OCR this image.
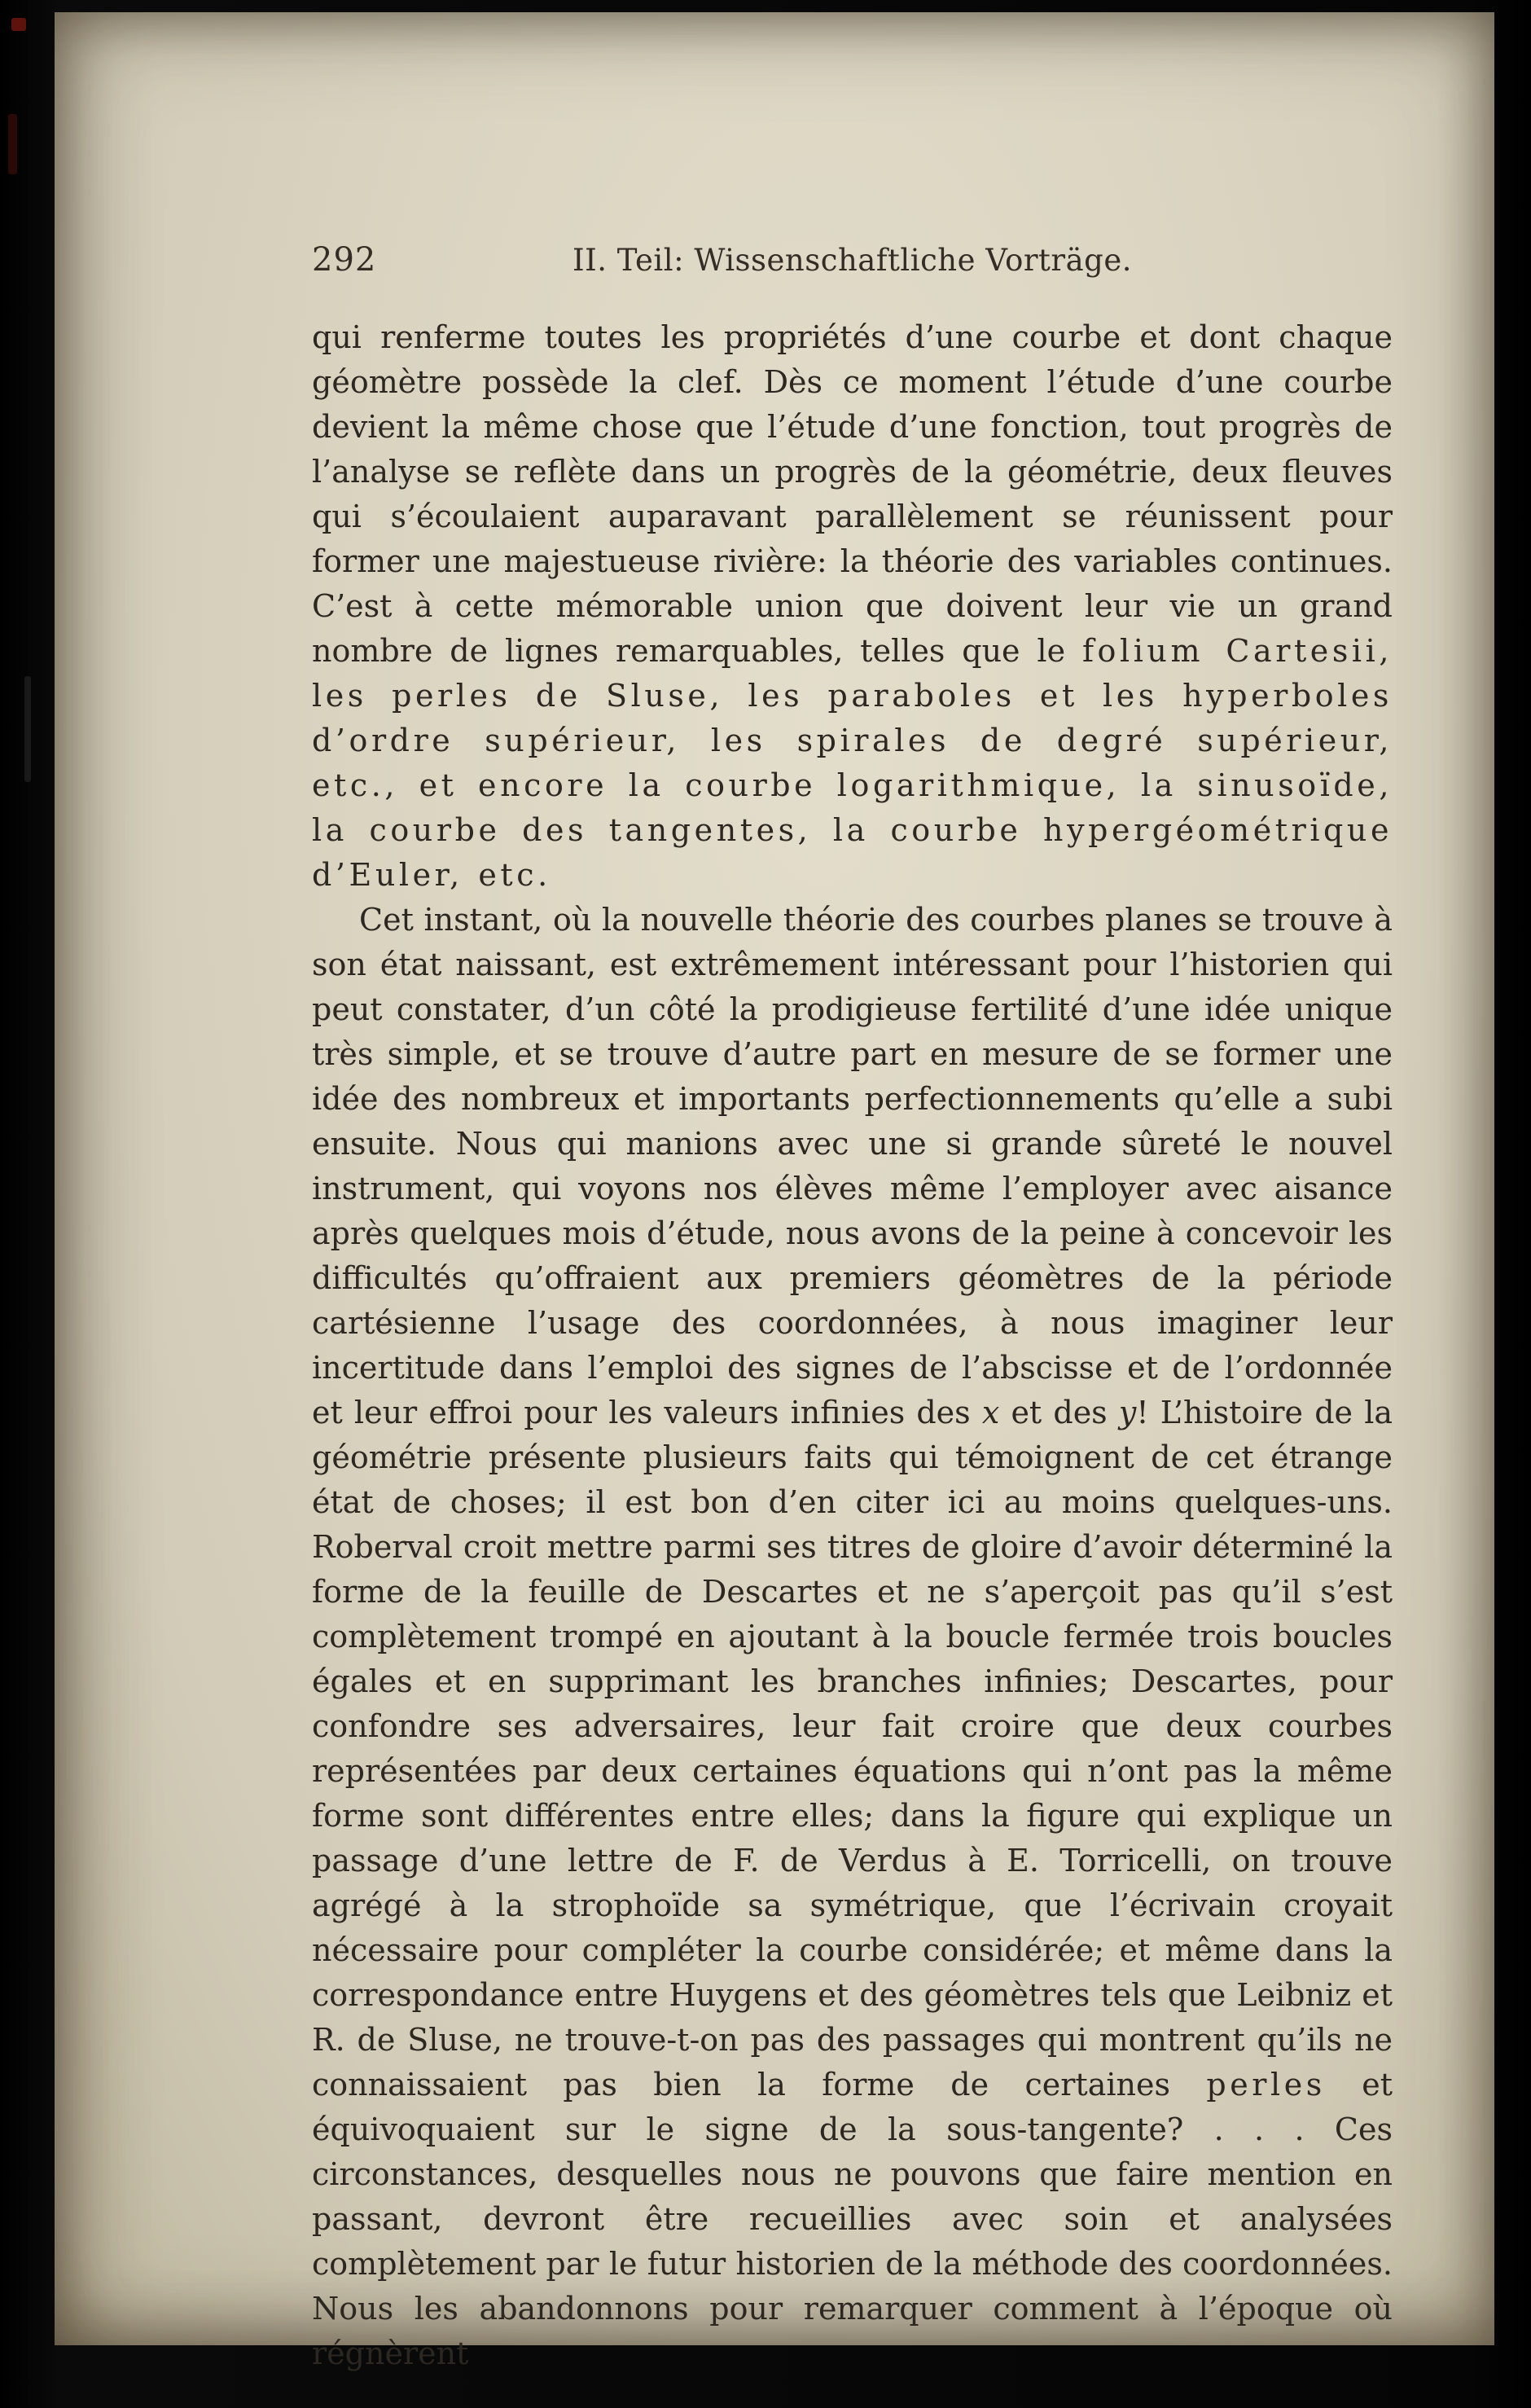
292	II. Teil: Wissenschaftliche Vorträge.

qui renferme toutes les propriétés d’une courbe et dont chaque géomètre possède la clef. Dès ce moment l’étude d’une courbe devient la même chose que l’étude d’une fonction, tout progrès de l’analyse se reflète dans un progrès de la géométrie, deux fleuves qui s’écoulaient auparavant parallèlement se réunissent pour former une majestueuse rivière: la théorie des variables continues. C’est à cette mémorable union que doivent leur vie un grand nombre de lignes remarquables, telles que le folium Cartesii, les perles de Sluse, les paraboles et les hyperboles d’ordre supérieur, les spirales de degré supérieur, etc., et encore la courbe logarithmique, la sinusoïde, la courbe des tangentes, la courbe hypergéométrique d’Euler, etc.

Cet instant, où la nouvelle théorie des courbes planes se trouve à son état naissant, est extrêmement intéressant pour l’historien qui peut constater, d’un côté la prodigieuse fertilité d’une idée unique très simple, et se trouve d’autre part en mesure de se former une idée des nombreux et importants perfectionnements qu’elle a subi ensuite. Nous qui manions avec une si grande sûreté le nouvel instrument, qui voyons nos élèves même l’employer avec aisance après quelques mois d’étude, nous avons de la peine à concevoir les difficultés qu’offraient aux premiers géomètres de la période cartésienne l’usage des coordonnées, à nous imaginer leur incertitude dans l’emploi des signes de l’abscisse et de l’ordonnée et leur effroi pour les valeurs infinies des x et des y! L’histoire de la géométrie présente plusieurs faits qui témoignent de cet étrange état de choses; il est bon d’en citer ici au moins quelques-uns. Roberval croit mettre parmi ses titres de gloire d’avoir déterminé la forme de la feuille de Descartes et ne s’aperçoit pas qu’il s’est complètement trompé en ajoutant à la boucle fermée trois boucles égales et en supprimant les branches infinies; Descartes, pour confondre ses adversaires, leur fait croire que deux courbes représentées par deux certaines équations qui n’ont pas la même forme sont différentes entre elles; dans la figure qui explique un passage d’une lettre de F. de Verdus à E. Torricelli, on trouve agrégé à la strophoïde sa symétrique, que l’écrivain croyait nécessaire pour compléter la courbe considérée; et même dans la correspondance entre Huygens et des géomètres tels que Leibniz et R. de Sluse, ne trouve-t-on pas des passages qui montrent qu’ils ne connaissaient pas bien la forme de certaines perles et équivoquaient sur le signe de la sous-tangente? . . . Ces circonstances, desquelles nous ne pouvons que faire mention en passant, devront être recueillies avec soin et analysées complètement par le futur historien de la méthode des coordonnées. Nous les abandonnons pour remarquer comment à l’époque où régnèrent
